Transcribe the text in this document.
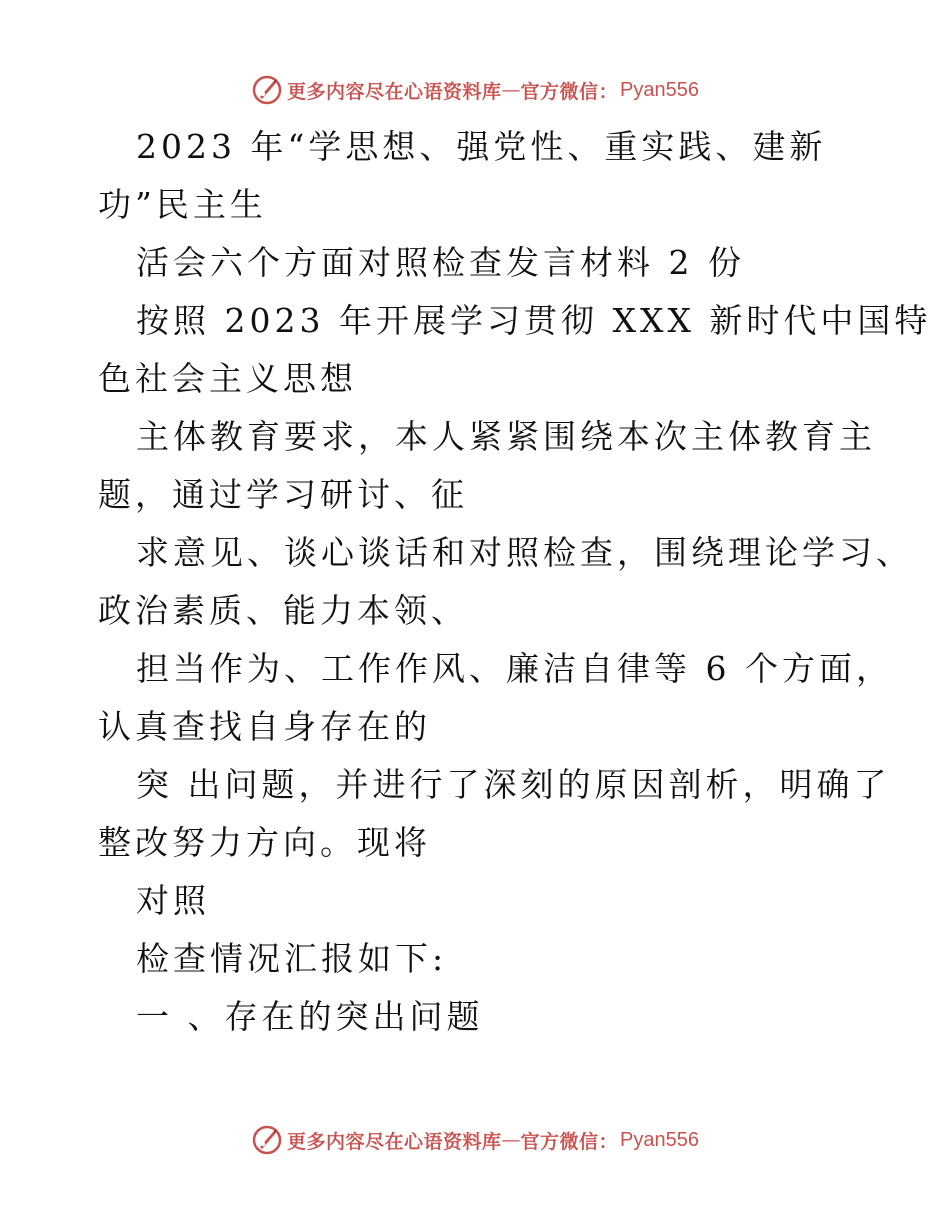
更多内容尽在心语资料库 — 官方微信： Pyan556
2023 年“学思想、强党性、重实践、建新
功”民主生
活会六个方面对照检查发言材料 2 份
按照 2023 年开展学习贯彻 XXX 新时代中国特
色社会主义思想
主体教育要求，本人紧紧围绕本次主体教育主
题，通过学习研讨、征
求意见、谈心谈话和对照检查，围绕理论学习、
政治素质、能力本领、
担当作为、工作作风、廉洁自律等 6 个方面，
认真查找自身存在的
突 出问题，并进行了深刻的原因剖析，明确了
整改努力方向。现将
对照
检查情况汇报如下:
一 、存在的突出问题
更多内容尽在心语资料库 — 官方微信： Pyan556
